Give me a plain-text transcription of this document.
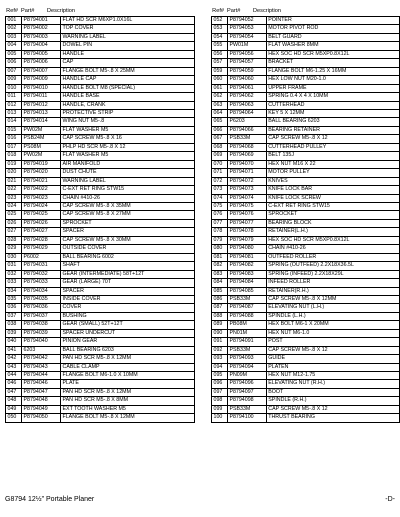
Ref# Part#	Description
001	P8794001	FLAT HD SCR M6XP1.0X16L
002	P8794002	TOP COVER
003	P8794003	WARNING LABEL
004	P8794004	DOWEL PIN
005	P8794005	HANDLE
006	P8794006	CAP
007	P8794007	FLANGE BOLT M5-.8 X 25MM
009	P8794009	HANDLE CAP
010	P8794010	HANDLE BOLT M8 (SPECIAL)
011	P8794011	HANDLE BASE
012	P8794012	HANDLE, CRANK
013	P8794013	PROTECTIVE STRIP
014	P8794014	WING NUT M5-.8
015	PW02M	FLAT WASHER M5
016	PSB24M	CAP SCREW M5-.8 X 16
017	PS08M	PHLP HD SCR M5-.8 X 12
018	PW02M	FLAT WASHER M5
019	P8794019	AIR MANIFOLD
020	P8794020	DUST CHUTE
021	P8794021	WARNING LABEL
022	P8794022	C-EXT RET RING STW15
023	P8794023	CHAIN #410-26
024	P8794024	CAP SCREW M5-.8 X 35MM
025	P8794025	CAP SCREW M5-.8 X 27MM
026	P8794026	SPROCKET
027	P8794027	SPACER
028	P8794028	CAP SCREW M5-.8 X 30MM
029	P8794029	OUTSIDE COVER
030	P6002	BALL BEARING 6002
031	P8794031	SHAFT
032	P8794032	GEAR (INTERMEDIATE) 58T+12T
033	P8794033	GEAR (LARGE) 70T
034	P8794034	SPACER
035	P8794035	INSIDE COVER
036	P8794036	COVER
037	P8794037	BUSHING
038	P8794038	GEAR (SMALL) 52T+12T
039	P8794039	SPACER UNDERCUT
040	P8794040	PINION GEAR
041	6203	BALL BEARING 6203
042	P8794042	PAN HD SCR M5-.8 X 12MM
043	P8794043	CABLE CLAMP
044	P8794044	FLANGE BOLT M6-1.0 X 10MM
046	P8794046	PLATE
047	P8794047	PAN HD SCR M5-.8 X 12MM
048	P8794048	PAN HD SCR M5-.8 X 8MM
049	P8794049	EXT TOOTH WASHER M5
050	P8794050	FLANGE BOLT M5-.8 X 12MM
Ref# Part#	Description
052	P8794052	POINTER
053	P8794053	MOTOR PIVOT ROD
054	P8794054	BELT GUARD
055	PW01M	FLAT WASHER 8MM
056	P8794056	HEX SOC HD SCR M5XP0.8X12L
057	P8794057	BRACKET
059	P8794059	FLANGE BOLT M6-1.25 X 16MM
060	P8794060	HEX LOW NUT M20-1.0
061	P8794061	UPPER FRAME
062	P8794062	SPRING 0.4 X 4 X 10MM
063	P8794063	CUTTERHEAD
064	P8794064	KEY 5 X 12MM
065	P6203	BALL BEARING 6203
066	P8794066	BEARING RETAINER
067	PSB33M	CAP SCREW M5-.8 X 12
068	P8794068	CUTTERHEAD PULLEY
069	P8794069	BELT 135J
070	P8794070	HEX NUT M16 X 22
071	P8794071	MOTOR PULLEY
072	P8794072	KNIVES
073	P8794073	KNIFE LOCK BAR
074	P8794074	KNIFE LOCK SCREW
075	P8794075	C-EXT RET RING STW15
076	P8794076	SPROCKET
077	P8794077	BEARING BLOCK
078	P8794078	RETAINER(L.H.)
079	P8794079	HEX SOC HD SCR M5XP0.8X12L
080	P8794080	CHAIN #410-26
081	P8794081	OUTFEED ROLLER
082	P8794082	SPRING (OUTFEED) 2.2X18X36.5L
083	P8794083	SPRING (INFEED) 2.2X18X29L
084	P8794084	INFEED ROLLER
085	P8794085	RETAINER(R.H.)
086	PSB33M	CAP SCREW M5-.8 X 12MM
087	P8794087	ELEVATING NUT (L.H.)
088	P8794088	SPINDLE (L.H.)
089	PB08M	HEX BOLT M6-1 X 20MM
090	PN01M	HEX NUT M6-1.0
091	P8794091	POST
092	PSB33M	CAP SCREW M5-.8 X 12
093	P8794093	GUIDE
094	P8794094	PLATEN
095	PN09M	HEX NUT M12-1.75
096	P8794096	ELEVATING NUT (R.H.)
097	P8794097	BOOT
098	P8794098	SPINDLE (R.H.)
099	PSB33M	CAP SCREW M5-.8 X 12
100	P8794100	THRUST BEARING
G8794 12½" Portable Planer	-D-
